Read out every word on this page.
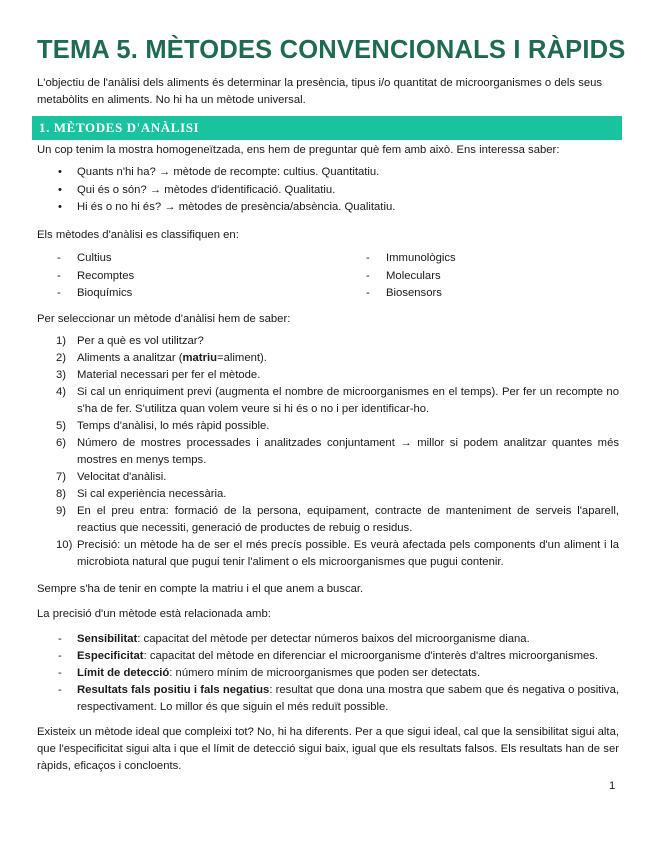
TEMA 5. MÈTODES CONVENCIONALS I RÀPIDS

L'objectiu de l'anàlisi dels aliments és determinar la presència, tipus i/o quantitat de microorganismes o dels seus metabòlits en aliments. No hi ha un mètode universal.

1. MÈTODES D'ANÀLISI

Un cop tenim la mostra homogeneïtzada, ens hem de preguntar què fem amb això. Ens interessa saber:

• Quants n'hi ha? → mètode de recompte: cultius. Quantitatiu.
• Qui és o són? → mètodes d'identificació. Qualitatiu.
• Hi és o no hi és? → mètodes de presència/absència. Qualitatiu.

Els mètodes d'anàlisi es classifiquen en:

- Cultius
- Recomptes
- Bioquímics
- Immunològics
- Moleculars
- Biosensors

Per seleccionar un mètode d'anàlisi hem de saber:

1) Per a què es vol utilitzar?
2) Aliments a analitzar (matriu=aliment).
3) Material necessari per fer el mètode.
4) Si cal un enriquiment previ (augmenta el nombre de microorganismes en el temps). Per fer un recompte no s'ha de fer. S'utilitza quan volem veure si hi és o no i per identificar-ho.
5) Temps d'anàlisi, lo més ràpid possible.
6) Número de mostres processades i analitzades conjuntament → millor si podem analitzar quantes més mostres en menys temps.
7) Velocitat d'anàlisi.
8) Si cal experiència necessària.
9) En el preu entra: formació de la persona, equipament, contracte de manteniment de serveis l'aparell, reactius que necessiti, generació de productes de rebuig o residus.
10) Precisió: un mètode ha de ser el més precís possible. Es veurà afectada pels components d'un aliment i la microbiota natural que pugui tenir l'aliment o els microorganismes que pugui contenir.

Sempre s'ha de tenir en compte la matriu i el que anem a buscar.

La precisió d'un mètode està relacionada amb:

- Sensibilitat: capacitat del mètode per detectar números baixos del microorganisme diana.
- Especificitat: capacitat del mètode en diferenciar el microorganisme d'interès d'altres microorganismes.
- Límit de detecció: número mínim de microorganismes que poden ser detectats.
- Resultats fals positiu i fals negatius: resultat que dona una mostra que sabem que és negativa o positiva, respectivament. Lo millor és que siguin el més reduït possible.

Existeix un mètode ideal que compleixi tot? No, hi ha diferents. Per a que sigui ideal, cal que la sensibilitat sigui alta, que l'especificitat sigui alta i que el límit de detecció sigui baix, igual que els resultats falsos. Els resultats han de ser ràpids, eficaços i concloents.

1
